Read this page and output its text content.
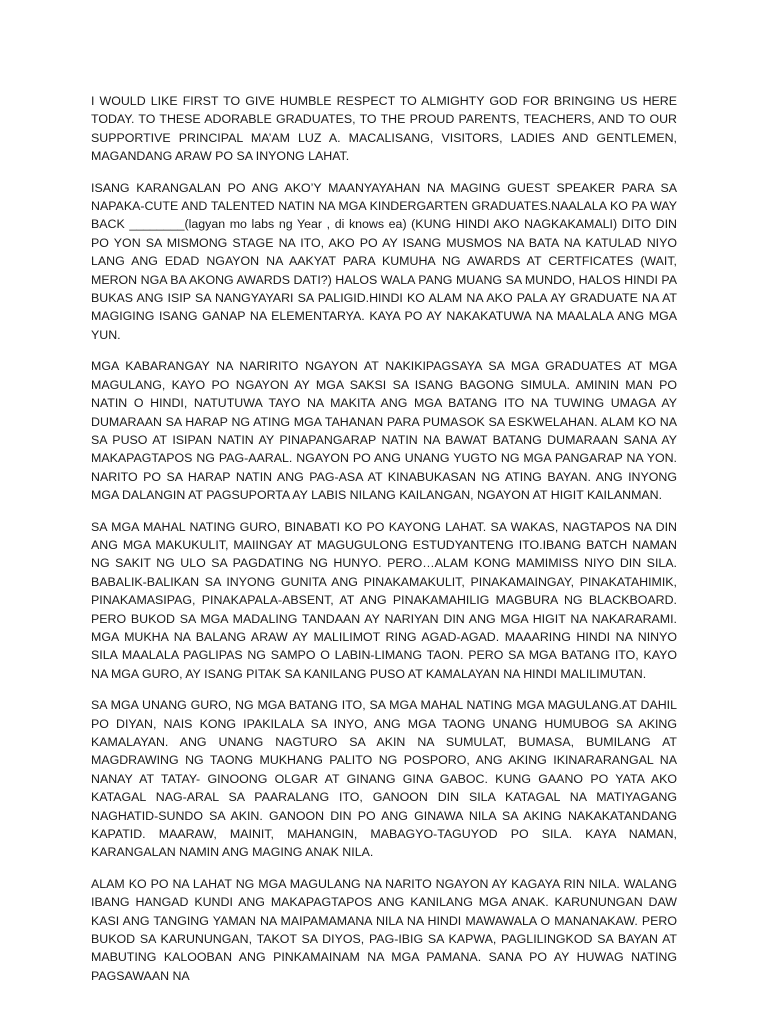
I WOULD LIKE FIRST TO GIVE HUMBLE RESPECT TO ALMIGHTY GOD FOR BRINGING US HERE TODAY. TO THESE ADORABLE GRADUATES, TO THE PROUD PARENTS, TEACHERS, AND TO OUR SUPPORTIVE PRINCIPAL MA’AM LUZ A. MACALISANG, VISITORS, LADIES AND GENTLEMEN, MAGANDANG ARAW PO SA INYONG LAHAT.

ISANG KARANGALAN PO ANG AKO’Y MAANYAYAHAN NA MAGING GUEST SPEAKER PARA SA NAPAKA-CUTE AND TALENTED NATIN NA MGA KINDERGARTEN GRADUATES.NAALALA KO PA WAY BACK ________(lagyan mo labs ng Year , di knows ea) (KUNG HINDI AKO NAGKAKAMALI) DITO DIN PO YON SA MISMONG STAGE NA ITO, AKO PO AY ISANG MUSMOS NA BATA NA KATULAD NIYO LANG ANG EDAD NGAYON NA AAKYAT PARA KUMUHA NG AWARDS AT CERTFICATES (WAIT, MERON NGA BA AKONG AWARDS DATI?) HALOS WALA PANG MUANG SA MUNDO, HALOS HINDI PA BUKAS ANG ISIP SA NANGYAYARI SA PALIGID.HINDI KO ALAM NA AKO PALA AY GRADUATE NA AT MAGIGING ISANG GANAP NA ELEMENTARYA. KAYA PO AY NAKAKATUWA NA MAALALA ANG MGA YUN.

MGA KABARANGAY NA NARIRITO NGAYON AT NAKIKIPAGSAYA SA MGA GRADUATES AT MGA MAGULANG, KAYO PO NGAYON AY MGA SAKSI SA ISANG BAGONG SIMULA. AMININ MAN PO NATIN O HINDI, NATUTUWA TAYO NA MAKITA ANG MGA BATANG ITO NA TUWING UMAGA AY DUMARAAN SA HARAP NG ATING MGA TAHANAN PARA PUMASOK SA ESKWELAHAN. ALAM KO NA SA PUSO AT ISIPAN NATIN AY PINAPANGARAP NATIN NA BAWAT BATANG DUMARAAN SANA AY MAKAPAGTAPOS NG PAG-AARAL. NGAYON PO ANG UNANG YUGTO NG MGA PANGARAP NA YON. NARITO PO SA HARAP NATIN ANG PAG-ASA AT KINABUKASAN NG ATING BAYAN. ANG INYONG MGA DALANGIN AT PAGSUPORTA AY LABIS NILANG KAILANGAN, NGAYON AT HIGIT KAILANMAN.

SA MGA MAHAL NATING GURO, BINABATI KO PO KAYONG LAHAT. SA WAKAS, NAGTAPOS NA DIN ANG MGA MAKUKULIT, MAIINGAY AT MAGUGULONG ESTUDYANTENG ITO.IBANG BATCH NAMAN NG SAKIT NG ULO SA PAGDATING NG HUNYO. PERO…ALAM KONG MAMIMISS NIYO DIN SILA. BABALIK-BALIKAN SA INYONG GUNITA ANG PINAKAMAKULIT, PINAKAMAINGAY, PINAKATAHIMIK, PINAKAMASIPAG, PINAKAPALA-ABSENT, AT ANG PINAKAMAHILIG MAGBURA NG BLACKBOARD. PERO BUKOD SA MGA MADALING TANDAAN AY NARIYAN DIN ANG MGA HIGIT NA NAKARARAMI. MGA MUKHA NA BALANG ARAW AY MALILIMOT RING AGAD-AGAD. MAAARING HINDI NA NINYO SILA MAALALA PAGLIPAS NG SAMPO O LABIN-LIMANG TAON. PERO SA MGA BATANG ITO, KAYO NA MGA GURO, AY ISANG PITAK SA KANILANG PUSO AT KAMALAYAN NA HINDI MALILIMUTAN.

SA MGA UNANG GURO, NG MGA BATANG ITO, SA MGA MAHAL NATING MGA MAGULANG.AT DAHIL PO DIYAN, NAIS KONG IPAKILALA SA INYO, ANG MGA TAONG UNANG HUMUBOG SA AKING KAMALAYAN. ANG UNANG NAGTURO SA AKIN NA SUMULAT, BUMASA, BUMILANG AT MAGDRAWING NG TAONG MUKHANG PALITO NG POSPORO, ANG AKING IKINARARANGAL NA NANAY AT TATAY- GINOONG OLGAR AT GINANG GINA GABOC. KUNG GAANO PO YATA AKO KATAGAL NAG-ARAL SA PAARALANG ITO, GANOON DIN SILA KATAGAL NA MATIYAGANG NAGHATID-SUNDO SA AKIN. GANOON DIN PO ANG GINAWA NILA SA AKING NAKAKATANDANG KAPATID. MAARAW, MAINIT, MAHANGIN, MABAGYO-TAGUYOD PO SILA. KAYA NAMAN, KARANGALAN NAMIN ANG MAGING ANAK NILA.

ALAM KO PO NA LAHAT NG MGA MAGULANG NA NARITO NGAYON AY KAGAYA RIN NILA. WALANG IBANG HANGAD KUNDI ANG MAKAPAGTAPOS ANG KANILANG MGA ANAK. KARUNUNGAN DAW KASI ANG TANGING YAMAN NA MAIPAMAMANA NILA NA HINDI MAWAWALA O MANANAKAW. PERO BUKOD SA KARUNUNGAN, TAKOT SA DIYOS, PAG-IBIG SA KAPWA, PAGLILINGKOD SA BAYAN AT MABUTING KALOOBAN ANG PINKAMAINAM NA MGA PAMANA. SANA PO AY HUWAG NATING PAGSAWAAN NA
